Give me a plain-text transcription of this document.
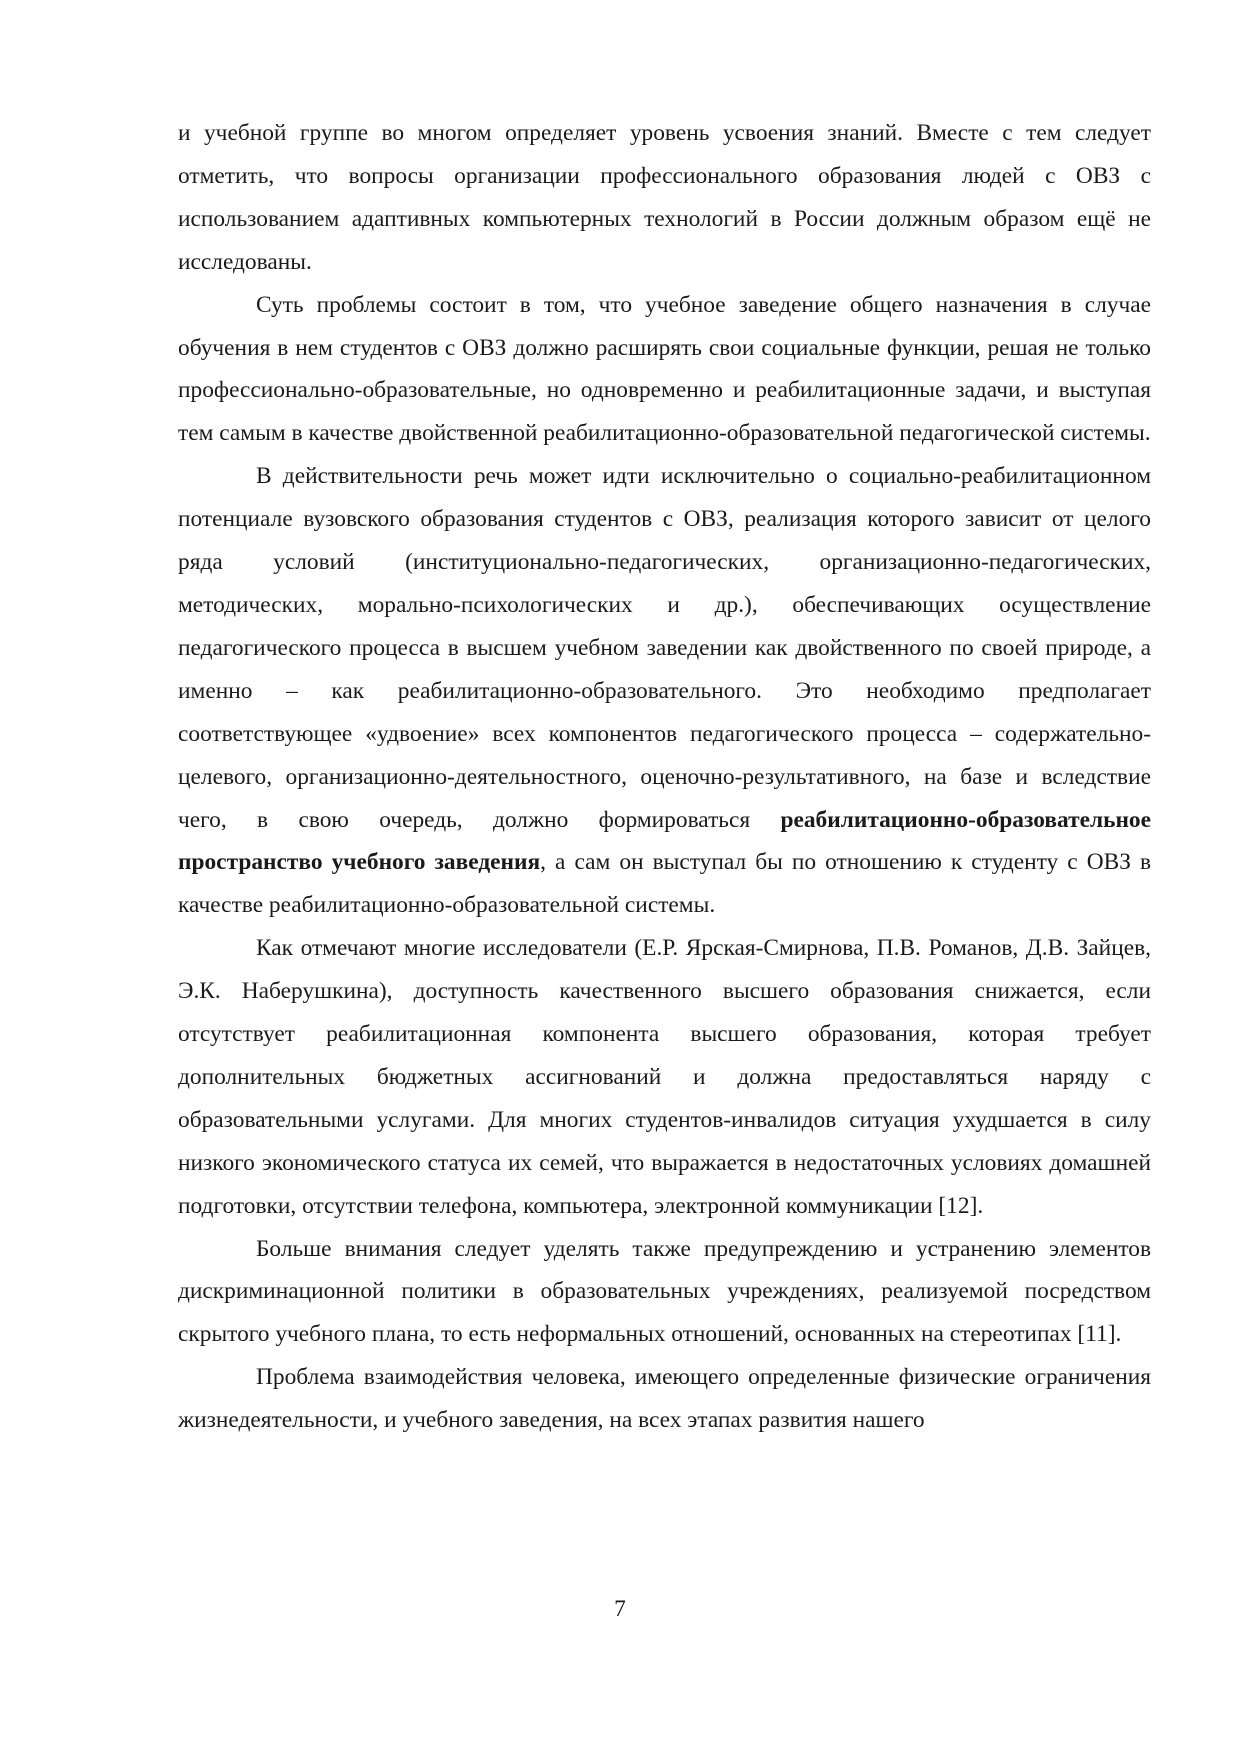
и учебной группе во многом определяет уровень усвоения знаний. Вместе с тем следует отметить, что вопросы организации профессионального образования людей с ОВЗ с использованием адаптивных компьютерных технологий в России должным образом ещё не исследованы.

Суть проблемы состоит в том, что учебное заведение общего назначения в случае обучения в нем студентов с ОВЗ должно расширять свои социальные функции, решая не только профессионально-образовательные, но одновременно и реабилитационные задачи, и выступая тем самым в качестве двойственной реабилитационно-образовательной педагогической системы.

В действительности речь может идти исключительно о социально-реабилитационном потенциале вузовского образования студентов с ОВЗ, реализация которого зависит от целого ряда условий (институционально-педагогических, организационно-педагогических, методических, морально-психологических и др.), обеспечивающих осуществление педагогического процесса в высшем учебном заведении как двойственного по своей природе, а именно – как реабилитационно-образовательного. Это необходимо предполагает соответствующее «удвоение» всех компонентов педагогического процесса – содержательно-целевого, организационно-деятельностного, оценочно-результативного, на базе и вследствие чего, в свою очередь, должно формироваться реабилитационно-образовательное пространство учебного заведения, а сам он выступал бы по отношению к студенту с ОВЗ в качестве реабилитационно-образовательной системы.

Как отмечают многие исследователи (Е.Р. Ярская-Смирнова, П.В. Романов, Д.В. Зайцев, Э.К. Наберушкина), доступность качественного высшего образования снижается, если отсутствует реабилитационная компонента высшего образования, которая требует дополнительных бюджетных ассигнований и должна предоставляться наряду с образовательными услугами. Для многих студентов-инвалидов ситуация ухудшается в силу низкого экономического статуса их семей, что выражается в недостаточных условиях домашней подготовки, отсутствии телефона, компьютера, электронной коммуникации [12].

Больше внимания следует уделять также предупреждению и устранению элементов дискриминационной политики в образовательных учреждениях, реализуемой посредством скрытого учебного плана, то есть неформальных отношений, основанных на стереотипах [11].

Проблема взаимодействия человека, имеющего определенные физические ограничения жизнедеятельности, и учебного заведения, на всех этапах развития нашего

7
